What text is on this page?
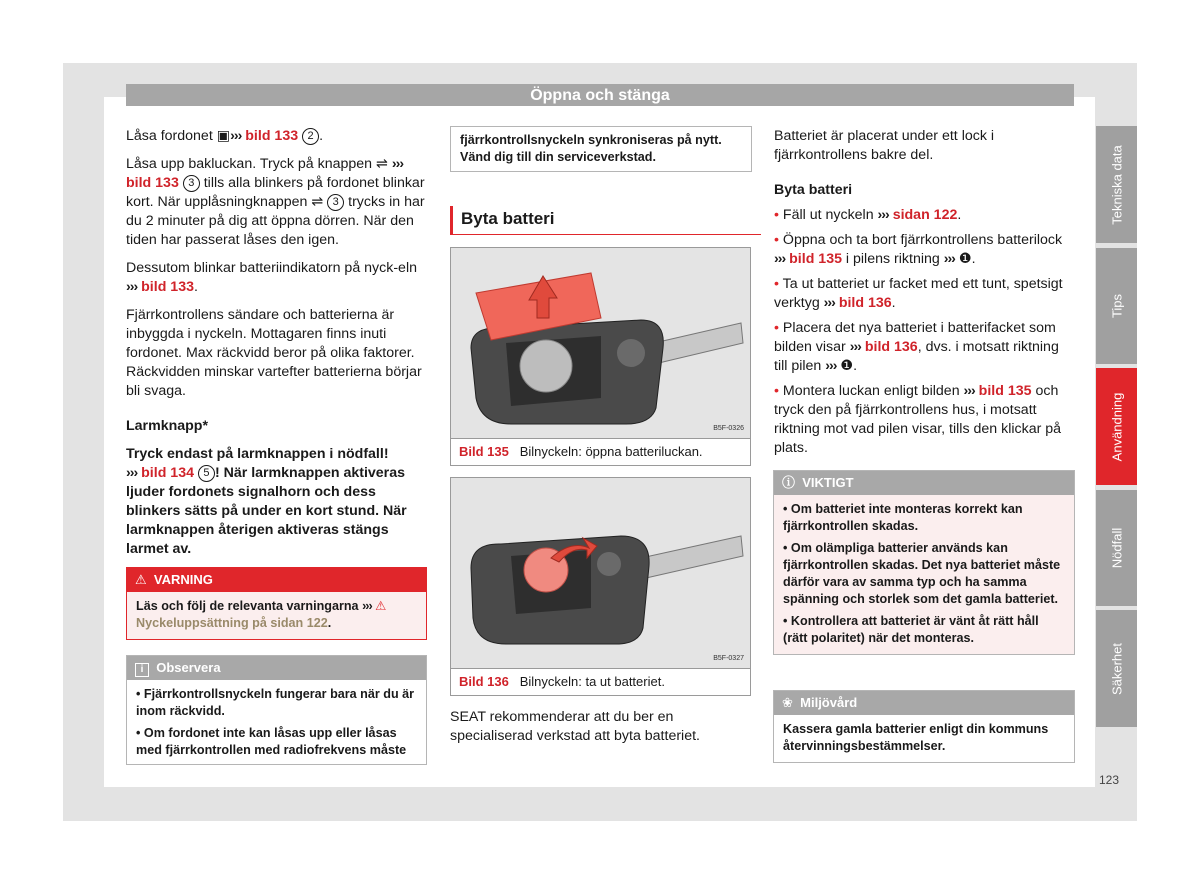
Öppna och stänga

Låsa fordonet ▣››› bild 133 2 .

Låsa upp bakluckan. Tryck på knappen ⇌ ››› bild 133 3 tills alla blinkers på fordonet blinkar kort. När upplåsningknappen ⇌ 3 trycks in har du 2 minuter på dig att öppna dörren. När den tiden har passerat låses den igen.

Dessutom blinkar batteriindikatorn på nyck-eln ››› bild 133.

Fjärrkontrollens sändare och batterierna är inbyggda i nyckeln. Mottagaren finns inuti fordonet. Max räckvidd beror på olika faktorer. Räckvidden minskar vartefter batterierna börjar bli svaga.

Larmknapp*

Tryck endast på larmknappen i nödfall!
››› bild 134 5 ! När larmknappen aktiveras ljuder fordonets signalhorn och dess blinkers sätts på under en kort stund. När larmknappen återigen aktiveras stängs larmet av.

⚠ VARNING
Läs och följ de relevanta varningarna ››› ⚠ Nyckeluppsättning på sidan 122.
i Observera

• Fjärrkontrollsnyckeln fungerar bara när du är inom räckvidd.

• Om fordonet inte kan låsas upp eller låsas med fjärrkontrollen med radiofrekvens måste

fjärrkontrollsnyckeln synkroniseras på nytt. Vänd dig till din serviceverkstad.
Byta batteri
B5F-0326
Bild 135 Bilnyckeln: öppna batteriluckan.
B5F-0327
Bild 136 Bilnyckeln: ta ut batteriet.

SEAT rekommenderar att du ber en specialiserad verkstad att byta batteriet.

Batteriet är placerat under ett lock i fjärrkontrollens bakre del.

Byta batteri

• Fäll ut nyckeln ››› sidan 122.

• Öppna och ta bort fjärrkontrollens batterilock ››› bild 135 i pilens riktning ››› ❶.

• Ta ut batteriet ur facket med ett tunt, spetsigt verktyg ››› bild 136.

• Placera det nya batteriet i batterifacket som bilden visar ››› bild 136, dvs. i motsatt riktning till pilen ››› ❶.

• Montera luckan enligt bilden ››› bild 135 och tryck den på fjärrkontrollens hus, i motsatt riktning mot vad pilen visar, tills den klickar på plats.

ⓘ VIKTIGT

• Om batteriet inte monteras korrekt kan fjärrkontrollen skadas.

• Om olämpliga batterier används kan fjärrkontrollen skadas. Det nya batteriet måste därför vara av samma typ och ha samma spänning och storlek som det gamla batteriet.

• Kontrollera att batteriet är vänt åt rätt håll (rätt polaritet) när det monteras.

❀ Miljövård
Kassera gamla batterier enligt din kommuns återvinningsbestämmelser.
Tekniska data
Tips
Användning
Nödfall
Säkerhet
123
